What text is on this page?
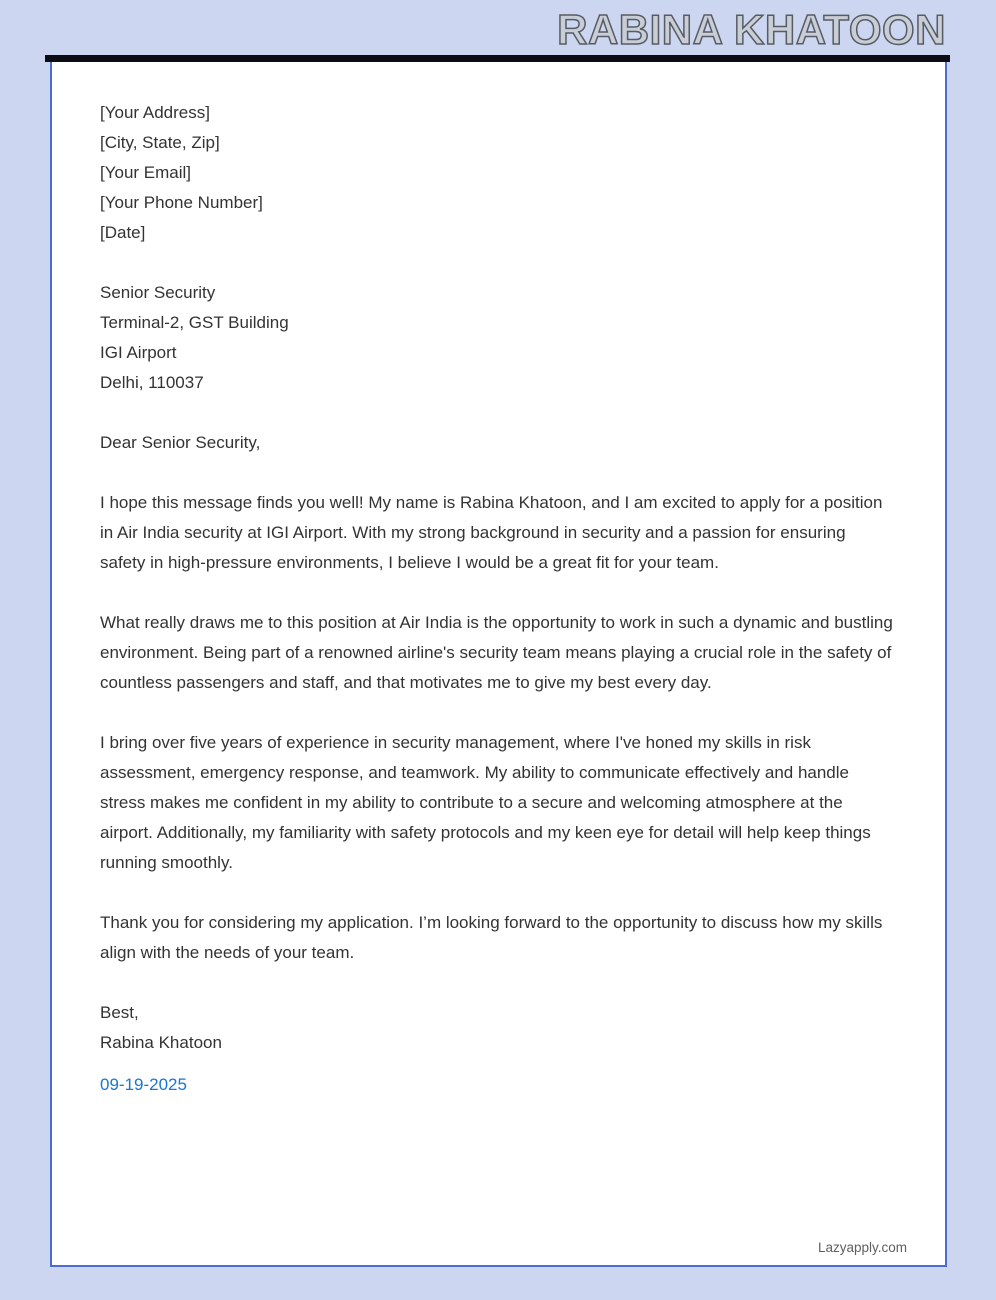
RABINA KHATOON
[Your Address]
[City, State, Zip]
[Your Email]
[Your Phone Number]
[Date]
Senior Security
Terminal-2, GST Building
IGI Airport
Delhi, 110037
Dear Senior Security,

I hope this message finds you well! My name is Rabina Khatoon, and I am excited to apply for a position in Air India security at IGI Airport. With my strong background in security and a passion for ensuring safety in high-pressure environments, I believe I would be a great fit for your team.

What really draws me to this position at Air India is the opportunity to work in such a dynamic and bustling environment. Being part of a renowned airline's security team means playing a crucial role in the safety of countless passengers and staff, and that motivates me to give my best every day.

I bring over five years of experience in security management, where I've honed my skills in risk assessment, emergency response, and teamwork. My ability to communicate effectively and handle stress makes me confident in my ability to contribute to a secure and welcoming atmosphere at the airport. Additionally, my familiarity with safety protocols and my keen eye for detail will help keep things running smoothly.

Thank you for considering my application. I’m looking forward to the opportunity to discuss how my skills align with the needs of your team.

Best,
Rabina Khatoon
09-19-2025
Lazyapply.com
